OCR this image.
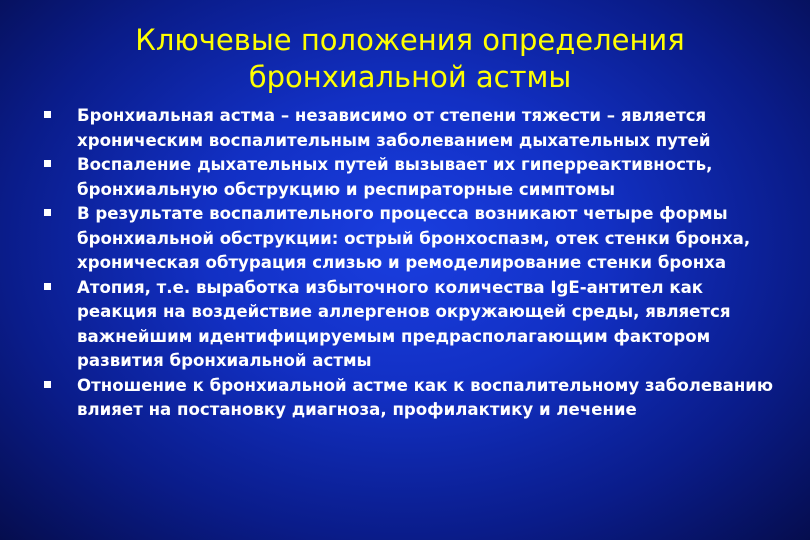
Ключевые положения определения бронхиальной астмы
Бронхиальная астма – независимо от степени тяжести – является хроническим воспалительным заболеванием дыхательных путей
Воспаление дыхательных путей вызывает их гиперреактивность, бронхиальную обструкцию и респираторные симптомы
В результате воспалительного процесса возникают четыре формы бронхиальной обструкции: острый бронхоспазм, отек стенки бронха, хроническая обтурация слизью и ремоделирование стенки бронха
Атопия, т.е. выработка избыточного количества IgE-антител как реакция на воздействие аллергенов окружающей среды, является важнейшим идентифицируемым предрасполагающим фактором развития бронхиальной астмы
Отношение к бронхиальной астме как к воспалительному заболеванию влияет на постановку диагноза, профилактику и лечение
